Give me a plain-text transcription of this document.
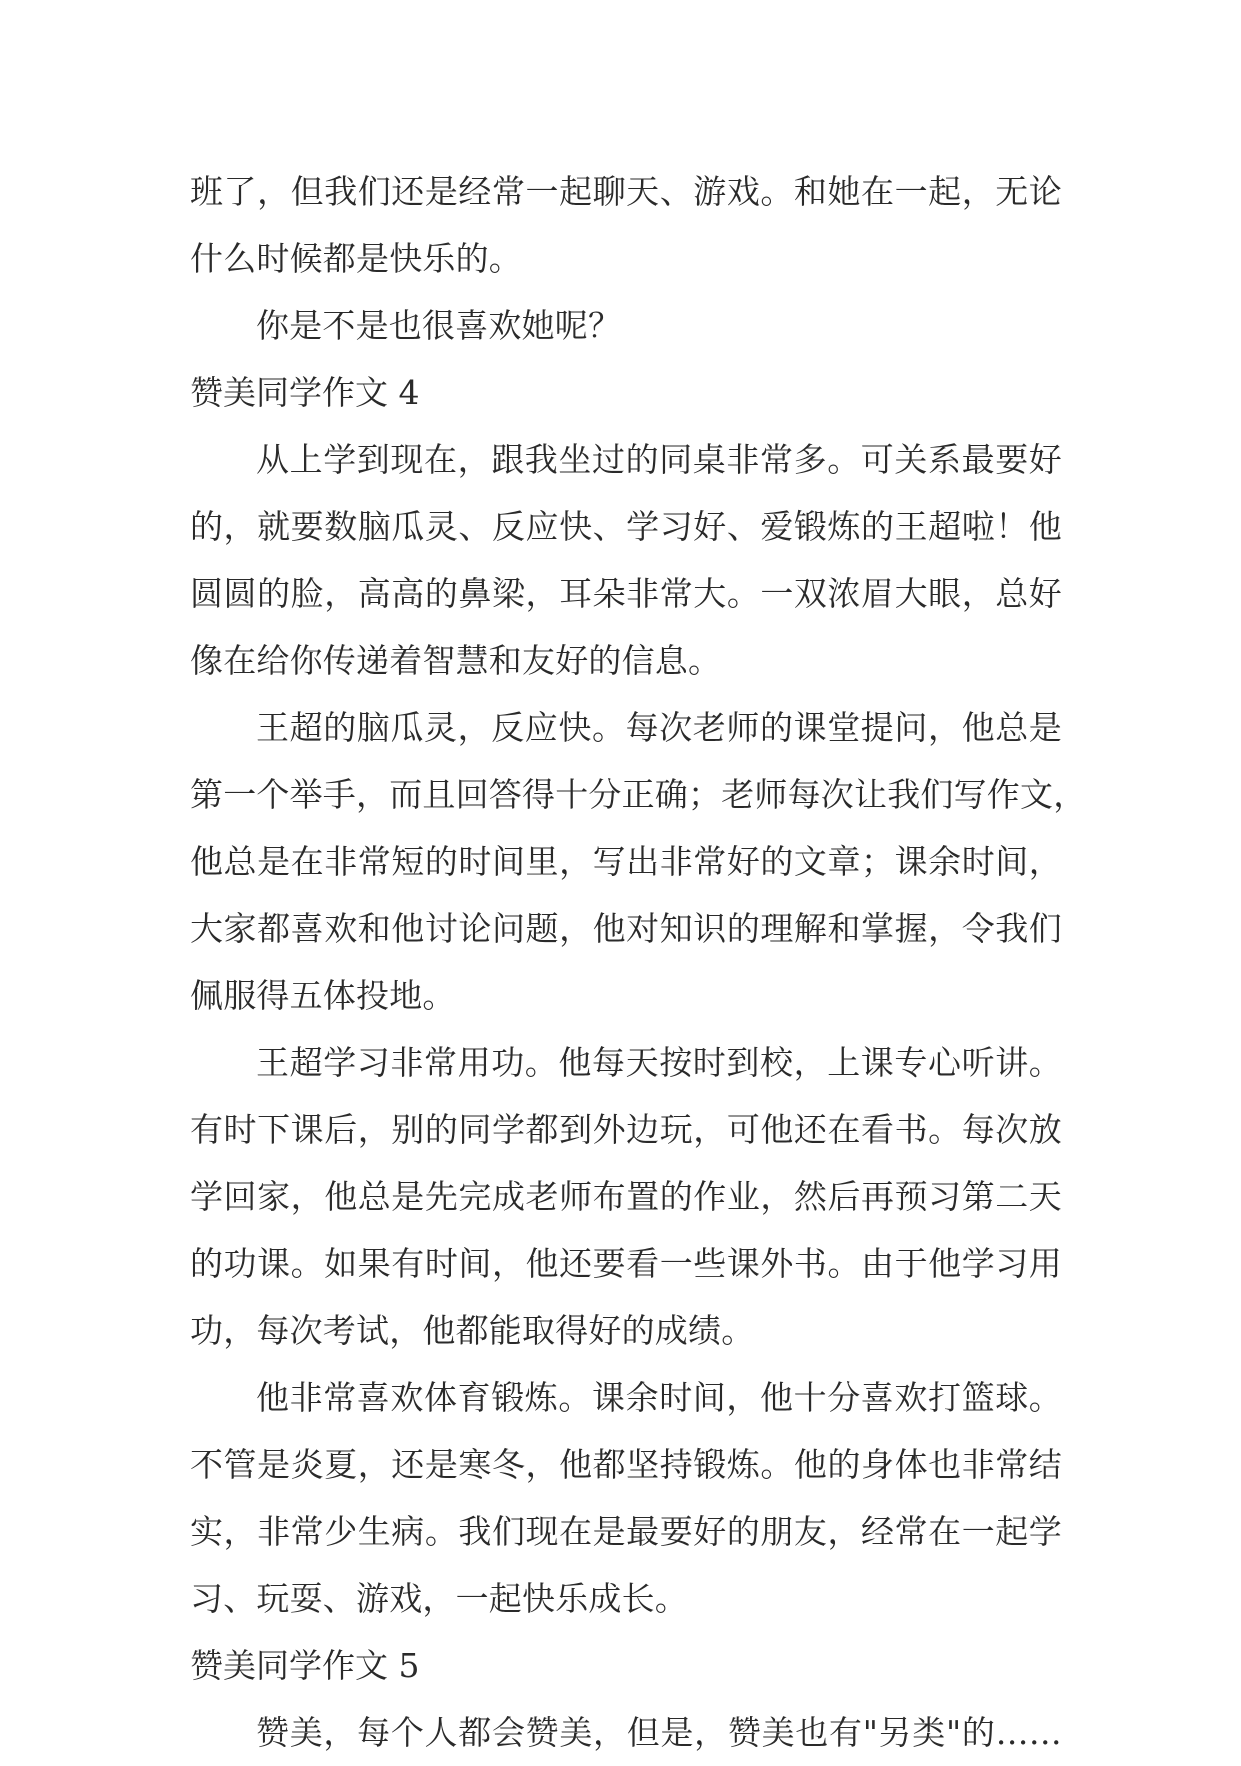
班了，但我们还是经常一起聊天、游戏。和她在一起，无论
什么时候都是快乐的。
你是不是也很喜欢她呢？
赞美同学作文 4
从上学到现在，跟我坐过的同桌非常多。可关系最要好
的，就要数脑瓜灵、反应快、学习好、爱锻炼的王超啦！他
圆圆的脸，高高的鼻梁，耳朵非常大。一双浓眉大眼，总好
像在给你传递着智慧和友好的信息。
王超的脑瓜灵，反应快。每次老师的课堂提问，他总是
第一个举手，而且回答得十分正确；老师每次让我们写作文，
他总是在非常短的时间里，写出非常好的文章；课余时间，
大家都喜欢和他讨论问题，他对知识的理解和掌握，令我们
佩服得五体投地。
王超学习非常用功。他每天按时到校，上课专心听讲。
有时下课后，别的同学都到外边玩，可他还在看书。每次放
学回家，他总是先完成老师布置的作业，然后再预习第二天
的功课。如果有时间，他还要看一些课外书。由于他学习用
功，每次考试，他都能取得好的成绩。
他非常喜欢体育锻炼。课余时间，他十分喜欢打篮球。
不管是炎夏，还是寒冬，他都坚持锻炼。他的身体也非常结
实，非常少生病。我们现在是最要好的朋友，经常在一起学
习、玩耍、游戏，一起快乐成长。
赞美同学作文 5
赞美，每个人都会赞美，但是，赞美也有"另类"的……
